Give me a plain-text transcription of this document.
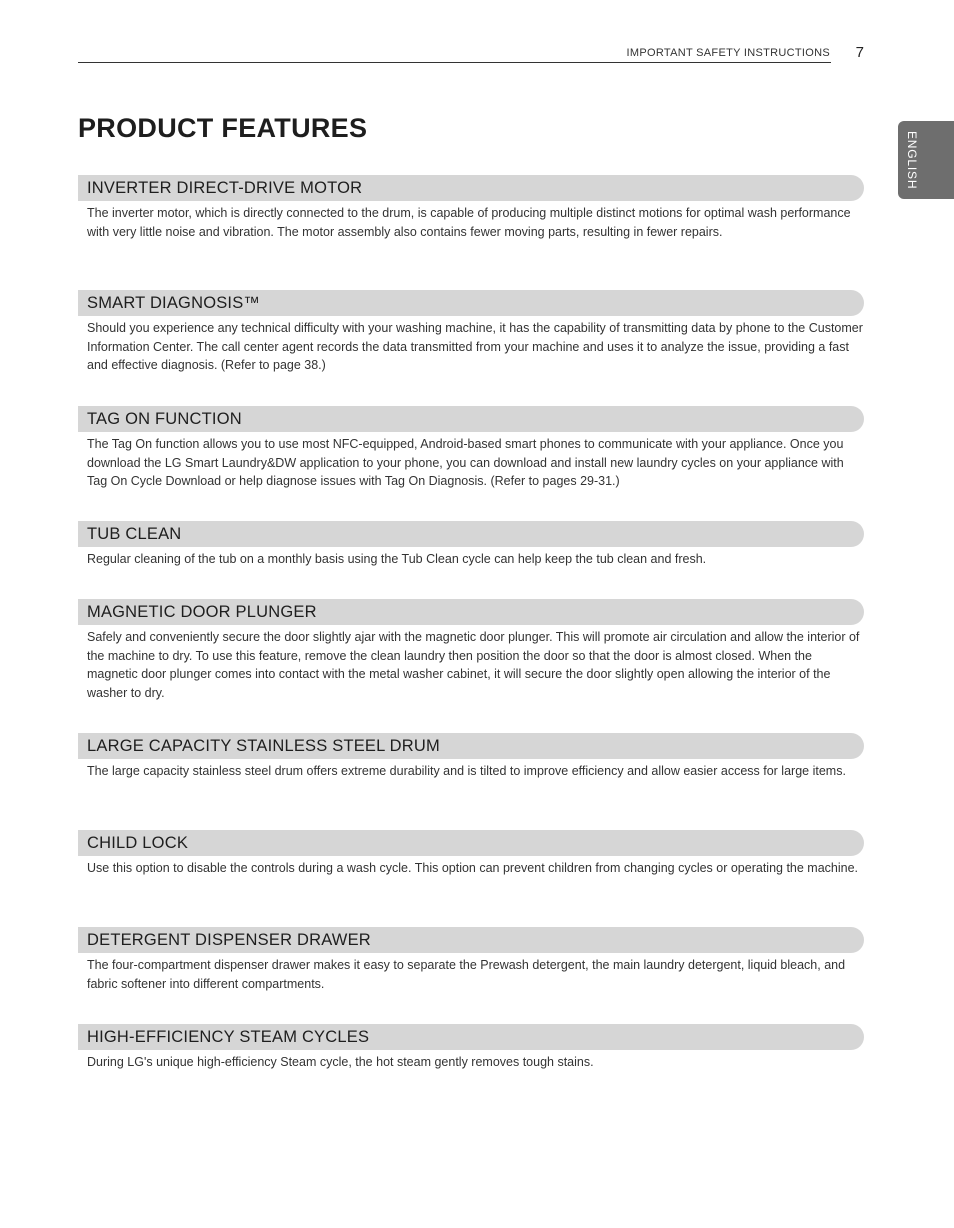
IMPORTANT SAFETY INSTRUCTIONS 7
ENGLISH
PRODUCT FEATURES
INVERTER DIRECT-DRIVE MOTOR

The inverter motor, which is directly connected to the drum, is capable of producing multiple distinct motions for optimal wash performance with very little noise and vibration. The motor assembly also contains fewer moving parts, resulting in fewer repairs.

SMART DIAGNOSIS™

Should you experience any technical difficulty with your washing machine, it has the capability of transmitting data by phone to the Customer Information Center. The call center agent records the data transmitted from your machine and uses it to analyze the issue, providing a fast and effective diagnosis. (Refer to page 38.)

TAG ON FUNCTION

The Tag On function allows you to use most NFC-equipped, Android-based smart phones to communicate with your appliance. Once you download the LG Smart Laundry&DW application to your phone, you can download and install new laundry cycles on your appliance with Tag On Cycle Download or help diagnose issues with Tag On Diagnosis. (Refer to pages 29-31.)

TUB CLEAN

Regular cleaning of the tub on a monthly basis using the Tub Clean cycle can help keep the tub clean and fresh.

MAGNETIC DOOR PLUNGER

Safely and conveniently secure the door slightly ajar with the magnetic door plunger. This will promote air circulation and allow the interior of the machine to dry. To use this feature, remove the clean laundry then position the door so that the door is almost closed. When the magnetic door plunger comes into contact with the metal washer cabinet, it will secure the door slightly open allowing the interior of the washer to dry.

LARGE CAPACITY STAINLESS STEEL DRUM

The large capacity stainless steel drum offers extreme durability and is tilted to improve efficiency and allow easier access for large items.

CHILD LOCK

Use this option to disable the controls during a wash cycle. This option can prevent children from changing cycles or operating the machine.

DETERGENT DISPENSER DRAWER

The four-compartment dispenser drawer makes it easy to separate the Prewash detergent, the main laundry detergent, liquid bleach, and fabric softener into different compartments.

HIGH-EFFICIENCY STEAM CYCLES

During LG's unique high-efficiency Steam cycle, the hot steam gently removes tough stains.
